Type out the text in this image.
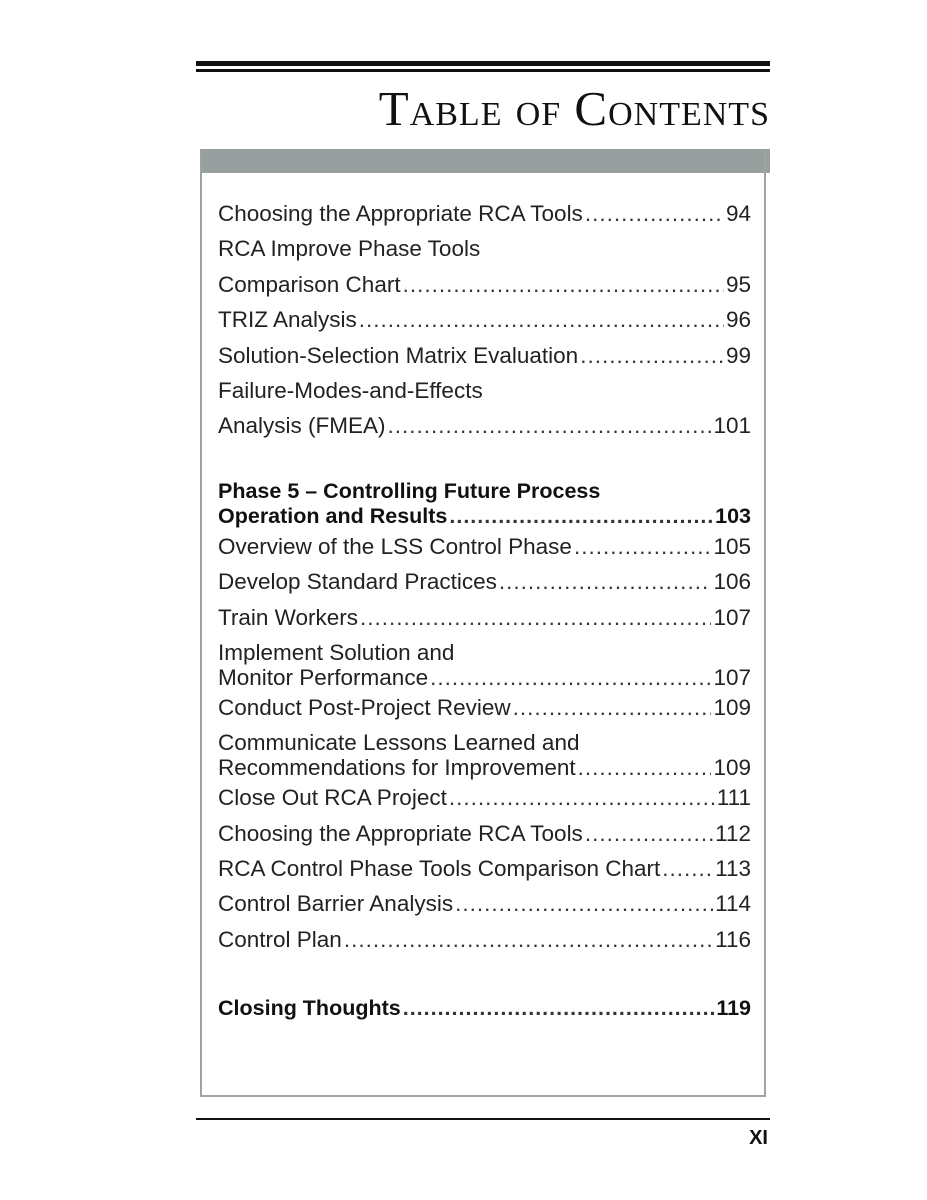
Table of Contents
Choosing the Appropriate RCA Tools .....	94
RCA Improve Phase Tools
Comparison Chart .....	95
TRIZ Analysis .....	96
Solution-Selection Matrix Evaluation .....	99
Failure-Modes-and-Effects
Analysis (FMEA) .....	101
Phase 5 – Controlling Future Process
Operation and Results .....	103
Overview of the LSS Control Phase .....	105
Develop Standard Practices .....	106
Train Workers .....	107
Implement Solution and
Monitor Performance .....	107
Conduct Post-Project Review .....	109
Communicate Lessons Learned and
Recommendations for Improvement .....	109
Close Out RCA Project .....	111
Choosing the Appropriate RCA Tools .....	112
RCA Control Phase Tools Comparison Chart ..... 113
Control Barrier Analysis .....	114
Control Plan .....	116
Closing Thoughts .....	119
XI
